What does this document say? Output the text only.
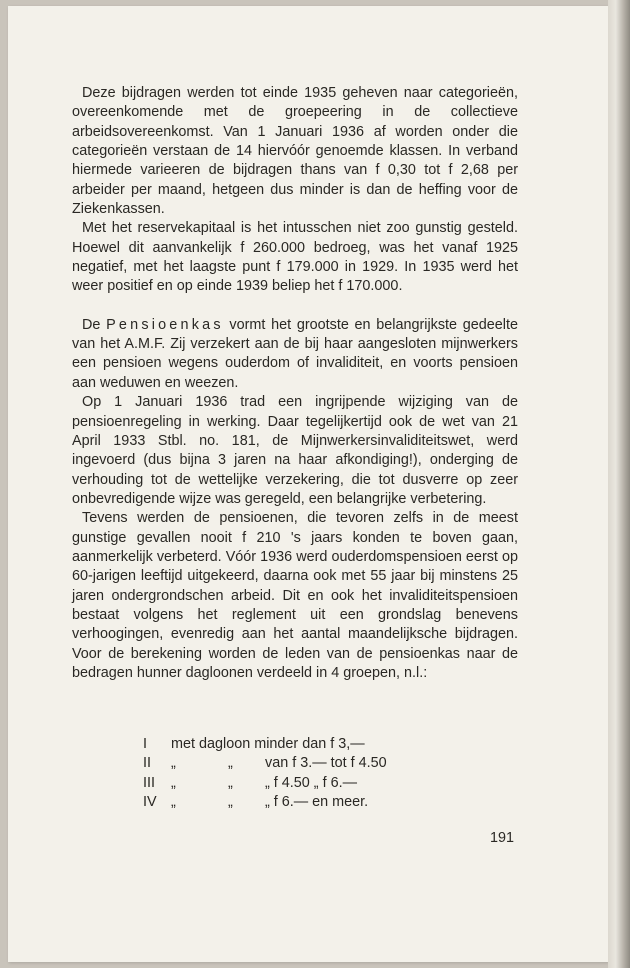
Deze bijdragen werden tot einde 1935 geheven naar categorieën, overeenkomende met de groepeering in de collectieve arbeidsovereenkomst. Van 1 Januari 1936 af worden onder die categorieën verstaan de 14 hiervóór genoemde klassen. In verband hiermede varieeren de bijdragen thans van f 0,30 tot f 2,68 per arbeider per maand, hetgeen dus minder is dan de heffing voor de Ziekenkassen.

Met het reservekapitaal is het intusschen niet zoo gunstig gesteld. Hoewel dit aanvankelijk f 260.000 bedroeg, was het vanaf 1925 negatief, met het laagste punt f 179.000 in 1929. In 1935 werd het weer positief en op einde 1939 beliep het f 170.000.

De Pensioenkas vormt het grootste en belangrijkste gedeelte van het A.M.F. Zij verzekert aan de bij haar aangesloten mijnwerkers een pensioen wegens ouderdom of invaliditeit, en voorts pensioen aan weduwen en weezen.

Op 1 Januari 1936 trad een ingrijpende wijziging van de pensioenregeling in werking. Daar tegelijkertijd ook de wet van 21 April 1933 Stbl. no. 181, de Mijnwerkersinvaliditeitswet, werd ingevoerd (dus bijna 3 jaren na haar afkondiging!), onderging de verhouding tot de wettelijke verzekering, die tot dusverre op zeer onbevredigende wijze was geregeld, een belangrijke verbetering.

Tevens werden de pensioenen, die tevoren zelfs in de meest gunstige gevallen nooit f 210 's jaars konden te boven gaan, aanmerkelijk verbeterd. Vóór 1936 werd ouderdomspensioen eerst op 60-jarigen leeftijd uitgekeerd, daarna ook met 55 jaar bij minstens 25 jaren ondergrondschen arbeid. Dit en ook het invaliditeitspensioen bestaat volgens het reglement uit een grondslag benevens verhoogingen, evenredig aan het aantal maandelijksche bijdragen. Voor de berekening worden de leden van de pensioenkas naar de bedragen hunner dagloonen verdeeld in 4 groepen, n.l.:

I	met dagloon minder dan f 3,—
II	„	„	van f 3.— tot f 4.50
III	„	„	„ f 4.50 „ f 6.—
IV „	„	„ f 6.— en meer.
191
